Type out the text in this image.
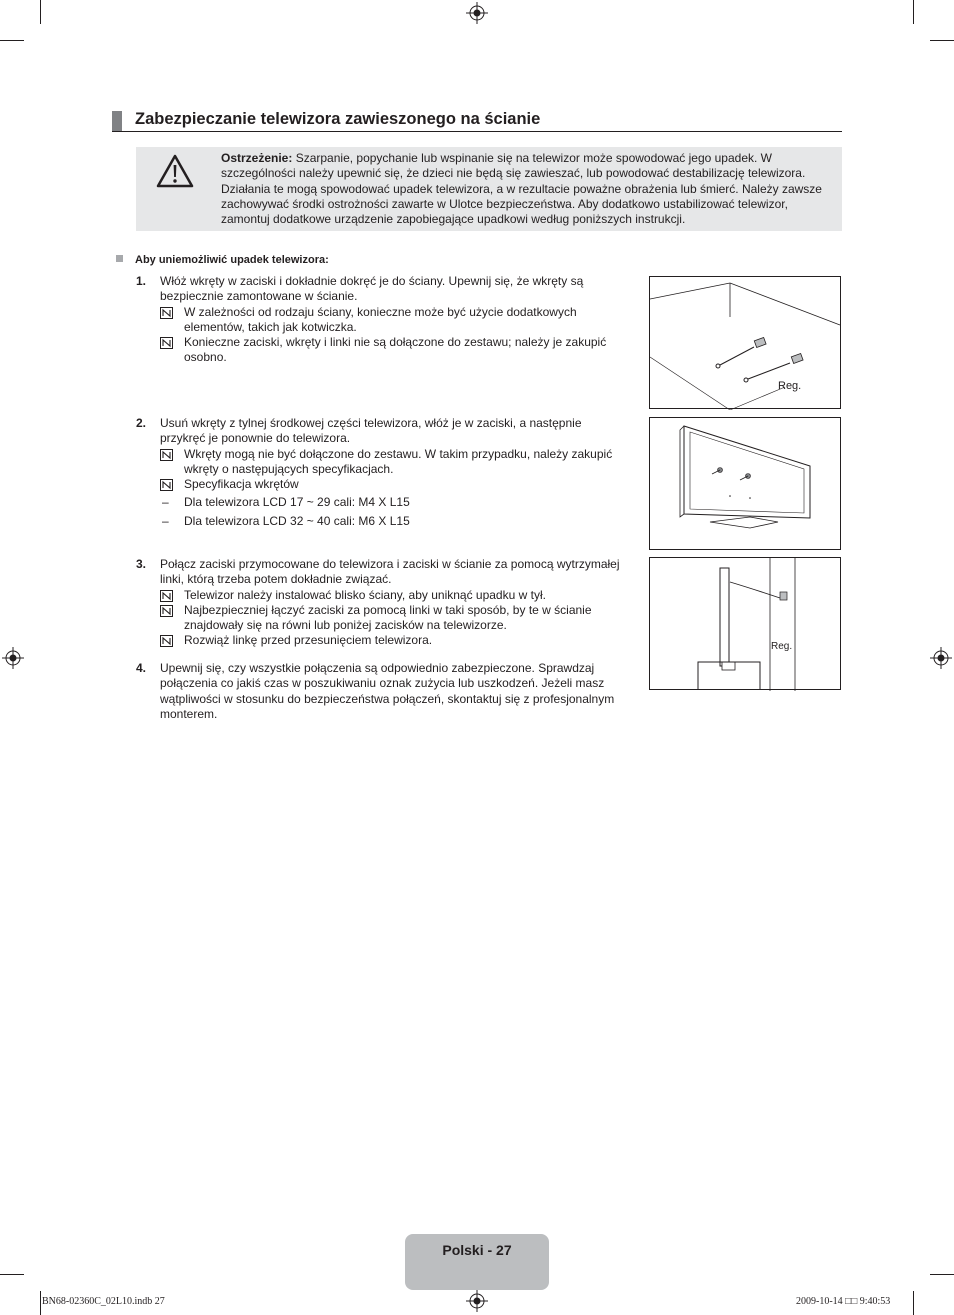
Zabezpieczanie telewizora zawieszonego na ścianie

Ostrzeżenie: Szarpanie, popychanie lub wspinanie się na telewizor może spowodować jego upadek. W szczególności należy upewnić się, że dzieci nie będą się zawieszać, lub powodować destabilizację telewizora. Działania te mogą spowodować upadek telewizora, a w rezultacie poważne obrażenia lub śmierć. Należy zawsze zachowywać środki ostrożności zawarte w Ulotce bezpieczeństwa. Aby dodatkowo ustabilizować telewizor, zamontuj dodatkowe urządzenie zapobiegające upadkowi według poniższych instrukcji.

Aby uniemożliwić upadek telewizora:
1. Włóż wkręty w zaciski i dokładnie dokręć je do ściany. Upewnij się, że wkręty są bezpiecznie zamontowane w ścianie.
W zależności od rodzaju ściany, konieczne może być użycie dodatkowych elementów, takich jak kotwiczka.
Konieczne zaciski, wkręty i linki nie są dołączone do zestawu; należy je zakupić osobno.
2. Usuń wkręty z tylnej środkowej części telewizora, włóż je w zaciski, a następnie przykręć je ponownie do telewizora.
Wkręty mogą nie być dołączone do zestawu. W takim przypadku, należy zakupić wkręty o następujących specyfikacjach.
Specyfikacja wkrętów
– Dla telewizora LCD 17 ~ 29 cali: M4 X L15
– Dla telewizora LCD 32 ~ 40 cali: M6 X L15
3. Połącz zaciski przymocowane do telewizora i zaciski w ścianie za pomocą wytrzymałej linki, którą trzeba potem dokładnie związać.
Telewizor należy instalować blisko ściany, aby uniknąć upadku w tył.
Najbezpieczniej łączyć zaciski za pomocą linki w taki sposób, by te w ścianie znajdowały się na równi lub poniżej zacisków na telewizorze.
Rozwiąż linkę przed przesunięciem telewizora.
4. Upewnij się, czy wszystkie połączenia są odpowiednio zabezpieczone. Sprawdzaj połączenia co jakiś czas w poszukiwaniu oznak zużycia lub uszkodzeń. Jeżeli masz wątpliwości w stosunku do bezpieczeństwa połączeń, skontaktuj się z profesjonalnym monterem.
Reg.
Reg.
Polski - 27
BN68-02360C_02L10.indb 27	2009-10-14 □□ 9:40:53
